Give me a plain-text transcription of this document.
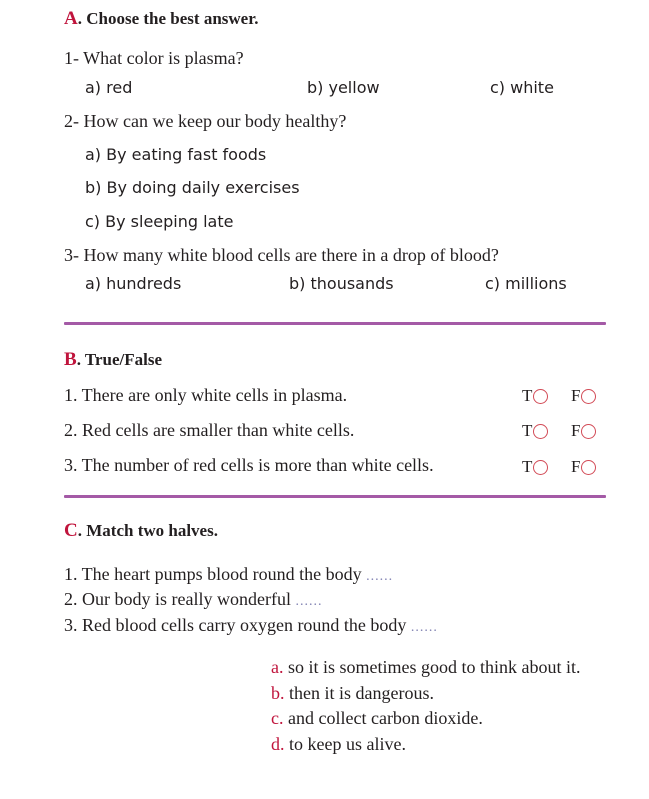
A. Choose the best answer.
1- What color is plasma?
a) red	b) yellow	c) white
2- How can we keep our body healthy?
a) By eating fast foods
b) By doing daily exercises
c) By sleeping late
3- How many white blood cells are there in a drop of blood?
a) hundreds	b) thousands	c) millions
B. True/False
1. There are only white cells in plasma.	T	F
2. Red cells are smaller than white cells.	T	F
3. The number of red cells is more than white cells.	T	F
C. Match two halves.
1. The heart pumps blood round the body ......
2. Our body is really wonderful ......
3. Red blood cells carry oxygen round the body ......
a. so it is sometimes good to think about it.
b. then it is dangerous.
c. and collect carbon dioxide.
d. to keep us alive.
